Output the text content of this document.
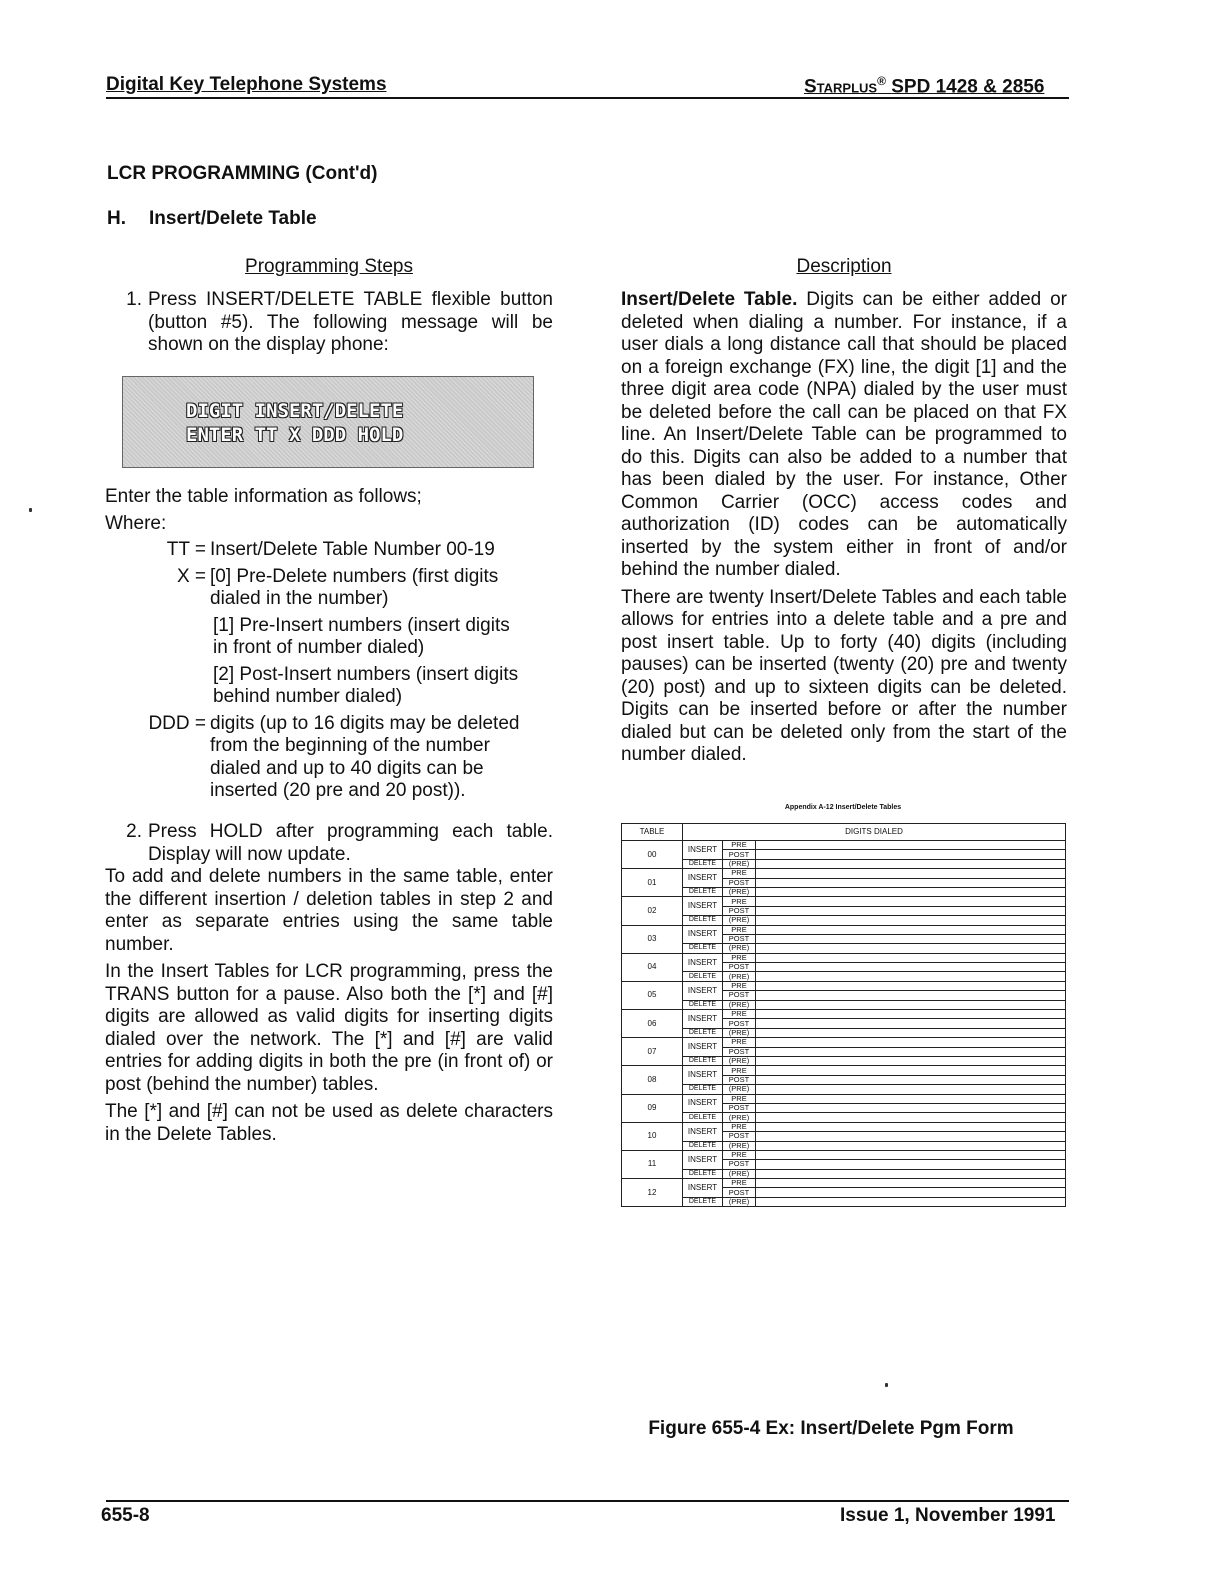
Digital Key Telephone Systems	Starplus® SPD 1428 & 2856
LCR PROGRAMMING (Cont'd)
H. Insert/Delete Table
Programming Steps
1. Press INSERT/DELETE TABLE flexible button (button #5). The following message will be shown on the display phone:
DIGIT INSERT/DELETE
ENTER TT X DDD HOLD

Enter the table information as follows;

Where:

TT = Insert/Delete Table Number 00-19
X = [0] Pre-Delete numbers (first digits dialed in the number)

[1] Pre-Insert numbers (insert digits in front of number dialed)

[2] Post-Insert numbers (insert digits behind number dialed)

DDD = digits (up to 16 digits may be deleted from the beginning of the number dialed and up to 40 digits can be inserted (20 pre and 20 post)).
2. Press HOLD after programming each table. Display will now update.

To add and delete numbers in the same table, enter the different insertion / deletion tables in step 2 and enter as separate entries using the same table number.

In the Insert Tables for LCR programming, press the TRANS button for a pause. Also both the [*] and [#] digits are allowed as valid digits for inserting digits dialed over the network. The [*] and [#] are valid entries for adding digits in both the pre (in front of) or post (behind the number) tables.

The [*] and [#] can not be used as delete characters in the Delete Tables.

Description

Insert/Delete Table. Digits can be either added or deleted when dialing a number. For instance, if a user dials a long distance call that should be placed on a foreign exchange (FX) line, the digit [1] and the three digit area code (NPA) dialed by the user must be deleted before the call can be placed on that FX line. An Insert/Delete Table can be programmed to do this. Digits can also be added to a number that has been dialed by the user. For instance, Other Common Carrier (OCC) access codes and authorization (ID) codes can be automatically inserted by the system either in front of and/or behind the number dialed.

There are twenty Insert/Delete Tables and each table allows for entries into a delete table and a pre and post insert table. Up to forty (40) digits (including pauses) can be inserted (twenty (20) pre and twenty (20) post) and up to sixteen digits can be deleted. Digits can be inserted before or after the number dialed but can be deleted only from the start of the number dialed.

Appendix A-12 Insert/Delete Tables
TABLE	DIGITS DIALED		
00	INSERT	PRE	
		POST	
	DELETE	(PRE)	
01	INSERT	PRE	
		POST	
	DELETE	(PRE)	
02	INSERT	PRE	
		POST	
	DELETE	(PRE)	
03	INSERT	PRE	
		POST	
	DELETE	(PRE)	
04	INSERT	PRE	
		POST	
	DELETE	(PRE)	
05	INSERT	PRE	
		POST	
	DELETE	(PRE)	
06	INSERT	PRE	
		POST	
	DELETE	(PRE)	
07	INSERT	PRE	
		POST	
	DELETE	(PRE)	
08	INSERT	PRE	
		POST	
	DELETE	(PRE)	
09	INSERT	PRE	
		POST	
	DELETE	(PRE)	
10	INSERT	PRE	
		POST	
	DELETE	(PRE)	
11	INSERT	PRE	
		POST	
	DELETE	(PRE)	
12	INSERT	PRE	
		POST	
	DELETE	(PRE)	
Figure 655-4 Ex: Insert/Delete Pgm Form
655-8	Issue 1, November 1991
